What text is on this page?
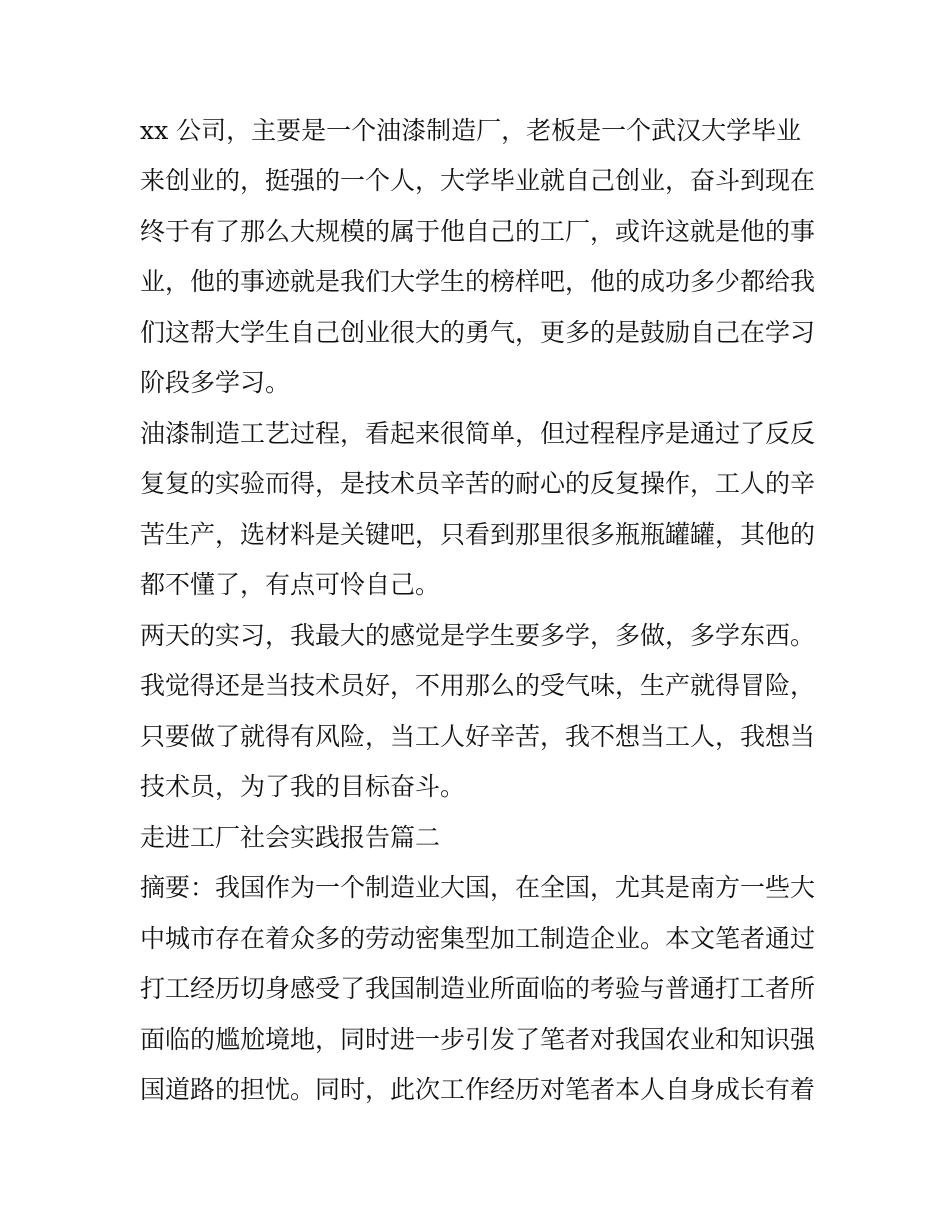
xx 公司，主要是一个油漆制造厂，老板是一个武汉大学毕业
来创业的，挺强的一个人，大学毕业就自己创业，奋斗到现在
终于有了那么大规模的属于他自己的工厂，或许这就是他的事
业，他的事迹就是我们大学生的榜样吧，他的成功多少都给我
们这帮大学生自己创业很大的勇气，更多的是鼓励自己在学习
阶段多学习。
油漆制造工艺过程，看起来很简单，但过程程序是通过了反反
复复的实验而得，是技术员辛苦的耐心的反复操作，工人的辛
苦生产，选材料是关键吧，只看到那里很多瓶瓶罐罐，其他的
都不懂了，有点可怜自己。
两天的实习，我最大的感觉是学生要多学，多做，多学东西。
我觉得还是当技术员好，不用那么的受气味，生产就得冒险，
只要做了就得有风险，当工人好辛苦，我不想当工人，我想当
技术员，为了我的目标奋斗。
走进工厂社会实践报告篇二
摘要：我国作为一个制造业大国，在全国，尤其是南方一些大
中城市存在着众多的劳动密集型加工制造企业。本文笔者通过
打工经历切身感受了我国制造业所面临的考验与普通打工者所
面临的尴尬境地，同时进一步引发了笔者对我国农业和知识强
国道路的担忧。同时，此次工作经历对笔者本人自身成长有着
